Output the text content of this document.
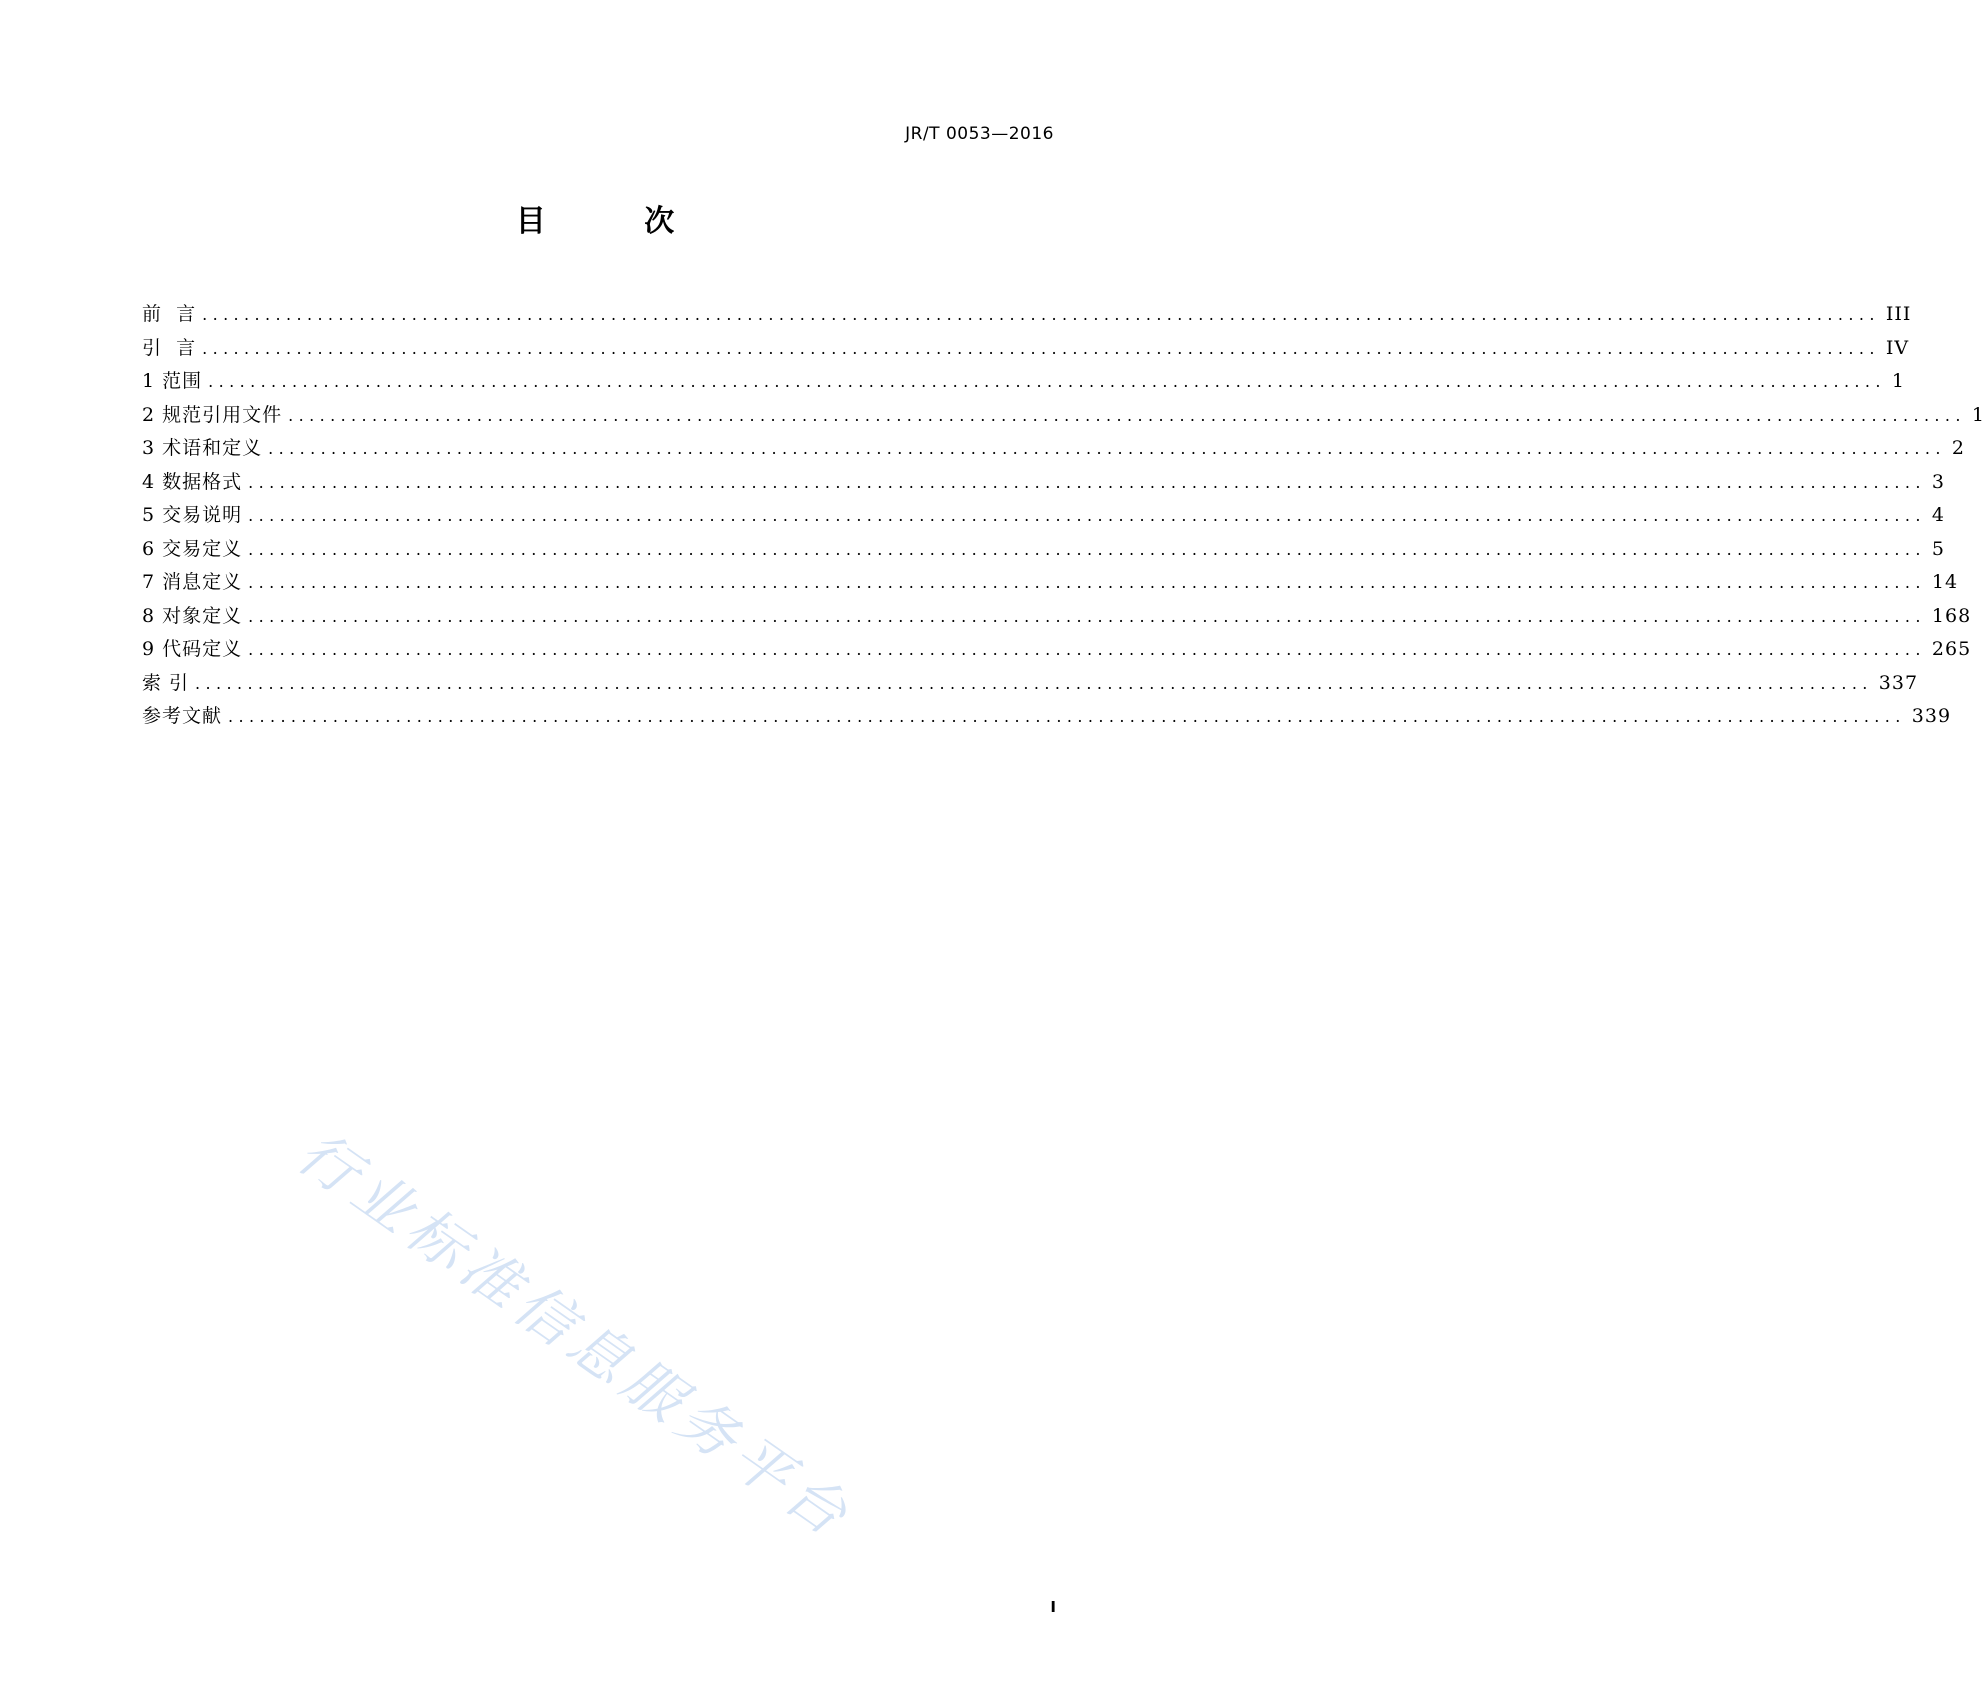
JR/T 0053—2016
目 次
前  言 ................................................................................................................................................................ III
引  言 ................................................................................................................................................................ IV
1 范围 ................................................................................................................................................................ 1
2 规范引用文件 ................................................................................................................................................................ 1
3 术语和定义 ................................................................................................................................................................ 2
4 数据格式 ................................................................................................................................................................ 3
5 交易说明 ................................................................................................................................................................ 4
6 交易定义 ................................................................................................................................................................ 5
7 消息定义 ................................................................................................................................................................ 14
8 对象定义 ................................................................................................................................................................ 168
9 代码定义 ................................................................................................................................................................ 265
索 引 ................................................................................................................................................................ 337
参考文献 ................................................................................................................................................................ 339
行业标准信息服务平台
I
